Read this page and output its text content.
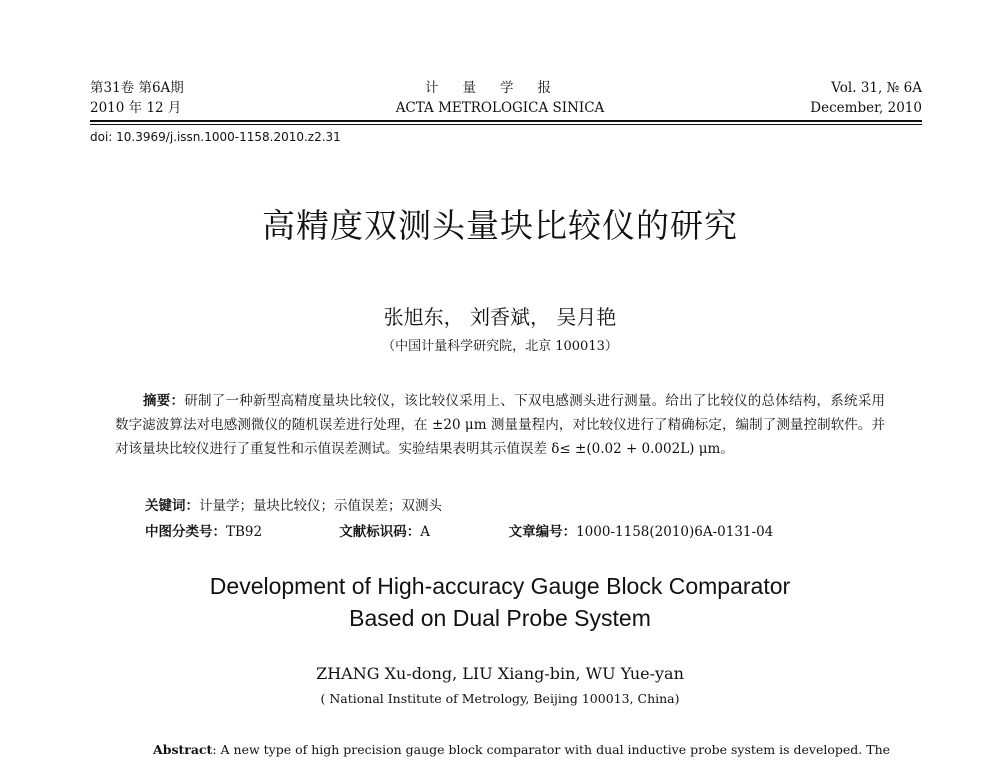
第31卷 第6A期
2010 年 12 月
计量学报
ACTA METROLOGICA SINICA
Vol. 31, № 6A
December, 2010
doi: 10.3969/j.issn.1000-1158.2010.z2.31
高精度双测头量块比较仪的研究
张旭东， 刘香斌， 吴月艳
（中国计量科学研究院，北京 100013）
摘要：研制了一种新型高精度量块比较仪，该比较仪采用上、下双电感测头进行测量。给出了比较仪的总体结构，系统采用数字滤波算法对电感测微仪的随机误差进行处理，在 ±20 μm 测量量程内，对比较仪进行了精确标定，编制了测量控制软件。并对该量块比较仪进行了重复性和示值误差测试。实验结果表明其示值误差 δ≤ ±(0.02 + 0.002L) μm。
关键词：计量学；量块比较仪；示值误差；双测头
中图分类号：TB92	文献标识码：A	文章编号：1000-1158(2010)6A-0131-04
Development of High-accuracy Gauge Block Comparator
Based on Dual Probe System
ZHANG Xu-dong, LIU Xiang-bin, WU Yue-yan
( National Institute of Metrology, Beijing 100013, China)
Abstract: A new type of high precision gauge block comparator with dual inductive probe system is developed. The
